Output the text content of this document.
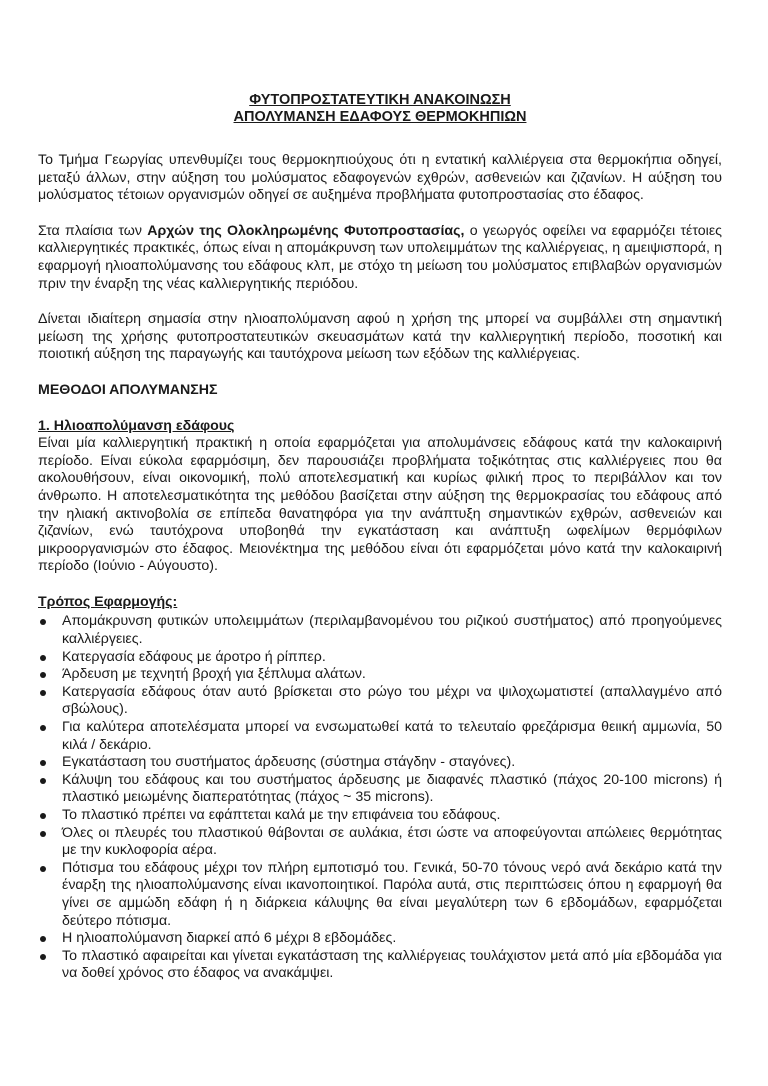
ΦΥΤΟΠΡΟΣΤΑΤΕΥΤΙΚΗ ΑΝΑΚΟΙΝΩΣΗ

ΑΠΟΛΥΜΑΝΣΗ ΕΔΑΦΟΥΣ ΘΕΡΜΟΚΗΠΙΩΝ

Το Τμήμα Γεωργίας υπενθυμίζει τους θερμοκηπιούχους ότι η εντατική καλλιέργεια στα θερμοκήπια οδηγεί, μεταξύ άλλων, στην αύξηση του μολύσματος εδαφογενών εχθρών, ασθενειών και ζιζανίων. Η αύξηση του μολύσματος τέτοιων οργανισμών οδηγεί σε αυξημένα προβλήματα φυτοπροστασίας στο έδαφος.

Στα πλαίσια των Αρχών της Ολοκληρωμένης Φυτοπροστασίας, ο γεωργός οφείλει να εφαρμόζει τέτοιες καλλιεργητικές πρακτικές, όπως είναι η απομάκρυνση των υπολειμμάτων της καλλιέργειας, η αμειψισπορά, η εφαρμογή ηλιοαπολύμανσης του εδάφους κλπ, με στόχο τη μείωση του μολύσματος επιβλαβών οργανισμών πριν την έναρξη της νέας καλλιεργητικής περιόδου.

Δίνεται ιδιαίτερη σημασία στην ηλιοαπολύμανση αφού η χρήση της μπορεί να συμβάλλει στη σημαντική μείωση της χρήσης φυτοπροστατευτικών σκευασμάτων κατά την καλλιεργητική περίοδο, ποσοτική και ποιοτική αύξηση της παραγωγής και ταυτόχρονα μείωση των εξόδων της καλλιέργειας.

ΜΕΘΟΔΟΙ ΑΠΟΛΥΜΑΝΣΗΣ

1. Ηλιοαπολύμανση εδάφους

Είναι μία καλλιεργητική πρακτική η οποία εφαρμόζεται για απολυμάνσεις εδάφους κατά την καλοκαιρινή περίοδο. Είναι εύκολα εφαρμόσιμη, δεν παρουσιάζει προβλήματα τοξικότητας στις καλλιέργειες που θα ακολουθήσουν, είναι οικονομική, πολύ αποτελεσματική και κυρίως φιλική προς το περιβάλλον και τον άνθρωπο. Η αποτελεσματικότητα της μεθόδου βασίζεται στην αύξηση της θερμοκρασίας του εδάφους από την ηλιακή ακτινοβολία σε επίπεδα θανατηφόρα για την ανάπτυξη σημαντικών εχθρών, ασθενειών και ζιζανίων, ενώ ταυτόχρονα υποβοηθά την εγκατάσταση και ανάπτυξη ωφελίμων θερμόφιλων μικροοργανισμών στο έδαφος. Μειονέκτημα της μεθόδου είναι ότι εφαρμόζεται μόνο κατά την καλοκαιρινή περίοδο (Ιούνιο - Αύγουστο).

Τρόπος Εφαρμογής:

Απομάκρυνση φυτικών υπολειμμάτων (περιλαμβανομένου του ριζικού συστήματος) από προηγούμενες καλλιέργειες.
Κατεργασία εδάφους με άροτρο ή ρίππερ.
Άρδευση με τεχνητή βροχή για ξέπλυμα αλάτων.
Κατεργασία εδάφους όταν αυτό βρίσκεται στο ρώγο του μέχρι να ψιλοχωματιστεί (απαλλαγμένο από σβώλους).
Για καλύτερα αποτελέσματα μπορεί να ενσωματωθεί κατά το τελευταίο φρεζάρισμα θειική αμμωνία, 50 κιλά / δεκάριο.
Εγκατάσταση του συστήματος άρδευσης (σύστημα στάγδην - σταγόνες).
Κάλυψη του εδάφους και του συστήματος άρδευσης με διαφανές πλαστικό (πάχος 20-100 microns) ή πλαστικό μειωμένης διαπερατότητας (πάχος ~ 35 microns).
Το πλαστικό πρέπει να εφάπτεται καλά με την επιφάνεια του εδάφους.
Όλες οι πλευρές του πλαστικού θάβονται σε αυλάκια, έτσι ώστε να αποφεύγονται απώλειες θερμότητας με την κυκλοφορία αέρα.
Πότισμα του εδάφους μέχρι τον πλήρη εμποτισμό του. Γενικά, 50-70 τόνους νερό ανά δεκάριο κατά την έναρξη της ηλιοαπολύμανσης είναι ικανοποιητικοί. Παρόλα αυτά, στις περιπτώσεις όπου η εφαρμογή θα γίνει σε αμμώδη εδάφη ή η διάρκεια κάλυψης θα είναι μεγαλύτερη των 6 εβδομάδων, εφαρμόζεται δεύτερο πότισμα.
Η ηλιοαπολύμανση διαρκεί από 6 μέχρι 8 εβδομάδες.
Το πλαστικό αφαιρείται και γίνεται εγκατάσταση της καλλιέργειας τουλάχιστον μετά από μία εβδομάδα για να δοθεί χρόνος στο έδαφος να ανακάμψει.
